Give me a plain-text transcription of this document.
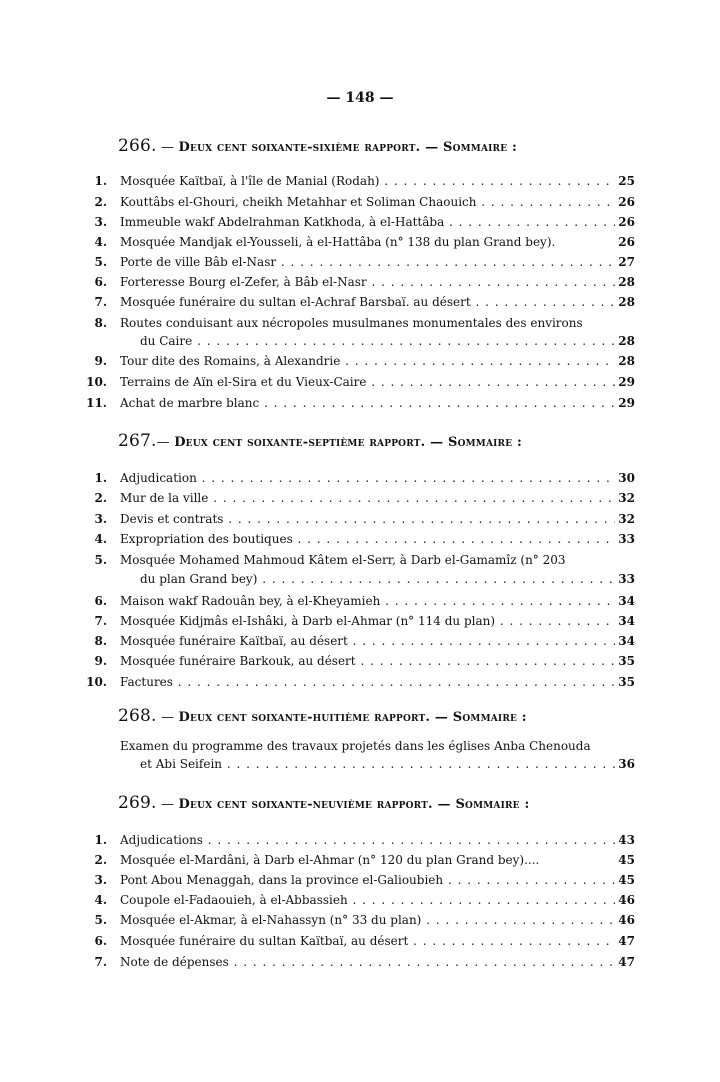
— 148 —
266. — Deux cent soixante-sixième rapport. — Sommaire :
1. Mosquée Kaïtbaï, à l'île de Manial (Rodah) . . .	25
2. Kouttâbs el-Ghouri, cheikh Metahhar et Soliman Chaouich . . .	26
3. Immeuble wakf Abdelrahman Katkhoda, à el-Hattâba . . .	26
4. Mosquée Mandjak el-Yousseli, à el-Hattâba (n° 138 du plan Grand bey).	26
5. Porte de ville Bâb el-Nasr . . .	27
6. Forteresse Bourg el-Zefer, à Bâb el-Nasr . . .	28
7. Mosquée funéraire du sultan el-Achraf Barsbaï. au désert . . .	28
8. Routes conduisant aux nécropoles musulmanes monumentales des environs
du Caire . . .	28
9. Tour dite des Romains, à Alexandrie . . .	28
10. Terrains de Aïn el-Sira et du Vieux-Caire . . .	29
11. Achat de marbre blanc . . .	29
267.— Deux cent soixante-septième rapport. — Sommaire :
1. Adjudication . . .	30
2. Mur de la ville . . .	32
3. Devis et contrats . . .	32
4. Expropriation des boutiques . . .	33
5. Mosquée Mohamed Mahmoud Kâtem el-Serr, à Darb el-Gamamîz (n° 203
du plan Grand bey) . . .	33
6. Maison wakf Radouân bey, à el-Kheyamieh . . .	34
7. Mosquée Kidjmâs el-Ishâki, à Darb el-Ahmar (n° 114 du plan) . . .	34
8. Mosquée funéraire Kaïtbaï, au désert . . .	34
9. Mosquée funéraire Barkouk, au désert . . .	35
10. Factures . . .	35
268. — Deux cent soixante-huitième rapport. — Sommaire :
Examen du programme des travaux projetés dans les églises Anba Chenouda
et Abi Seifein . . .	36
269. — Deux cent soixante-neuvième rapport. — Sommaire :
1. Adjudications . . .	43
2. Mosquée el-Mardâni, à Darb el-Ahmar (n° 120 du plan Grand bey)....	45
3. Pont Abou Menaggah, dans la province el-Galioubieh . . .	45
4. Coupole el-Fadaouieh, à el-Abbassieh . . .	46
5. Mosquée el-Akmar, à el-Nahassyn (n° 33 du plan) . . .	46
6. Mosquée funéraire du sultan Kaïtbaï, au désert . . .	47
7. Note de dépenses . . .	47
